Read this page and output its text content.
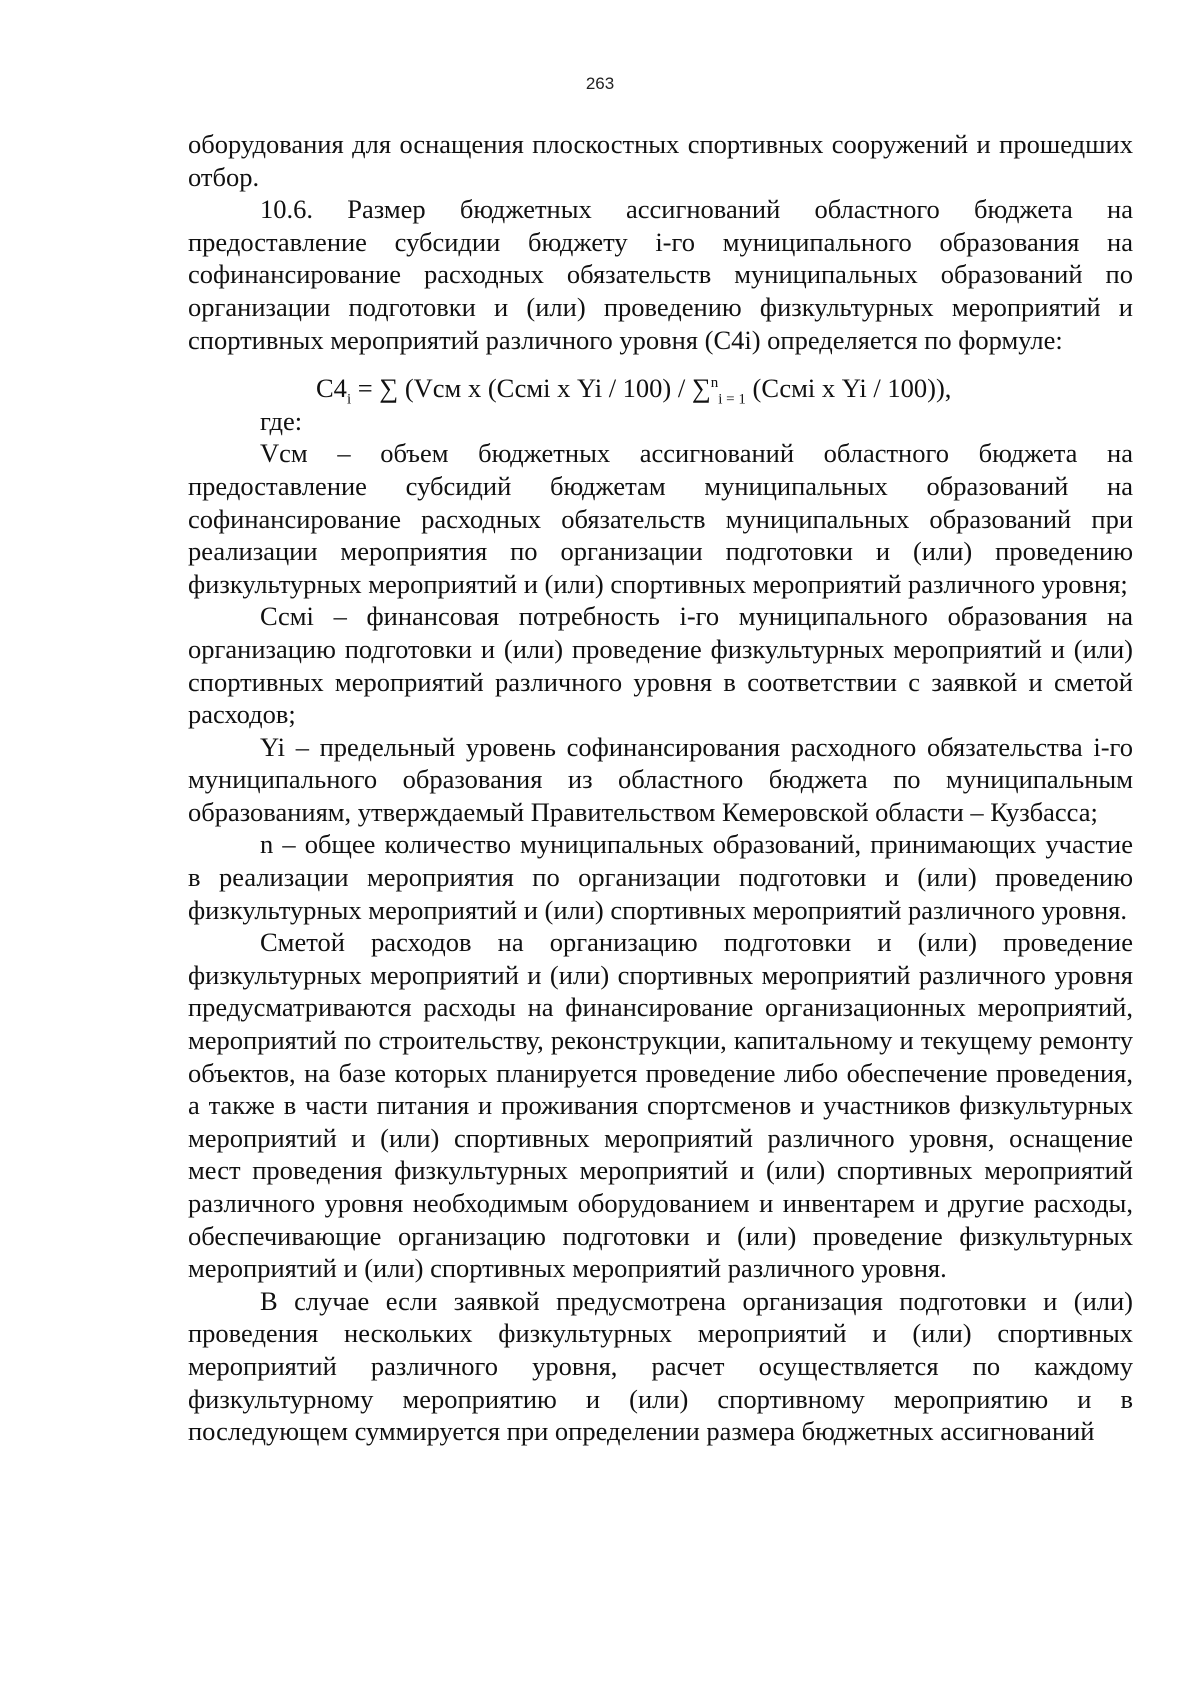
263

оборудования для оснащения плоскостных спортивных сооружений и прошедших отбор.

10.6. Размер бюджетных ассигнований областного бюджета на предоставление субсидии бюджету i-го муниципального образования на софинансирование расходных обязательств муниципальных образований по организации подготовки и (или) проведению физкультурных мероприятий и спортивных мероприятий различного уровня (С4i) определяется по формуле:

$С4_i$ = ∑ (Vсм х (Ссмi х Yi / 100) / ∑$^n_{i = 1}$ (Ссмi х Yi / 100)),

где:

Vсм – объем бюджетных ассигнований областного бюджета на предоставление субсидий бюджетам муниципальных образований на софинансирование расходных обязательств муниципальных образований при реализации мероприятия по организации подготовки и (или) проведению физкультурных мероприятий и (или) спортивных мероприятий различного уровня;

Ссмi – финансовая потребность i-го муниципального образования на организацию подготовки и (или) проведение физкультурных мероприятий и (или) спортивных мероприятий различного уровня в соответствии с заявкой и сметой расходов;

Yi – предельный уровень софинансирования расходного обязательства i-го муниципального образования из областного бюджета по муниципальным образованиям, утверждаемый Правительством Кемеровской области – Кузбасса;

n – общее количество муниципальных образований, принимающих участие в реализации мероприятия по организации подготовки и (или) проведению физкультурных мероприятий и (или) спортивных мероприятий различного уровня.

Сметой расходов на организацию подготовки и (или) проведение физкультурных мероприятий и (или) спортивных мероприятий различного уровня предусматриваются расходы на финансирование организационных мероприятий, мероприятий по строительству, реконструкции, капитальному и текущему ремонту объектов, на базе которых планируется проведение либо обеспечение проведения, а также в части питания и проживания спортсменов и участников физкультурных мероприятий и (или) спортивных мероприятий различного уровня, оснащение мест проведения физкультурных мероприятий и (или) спортивных мероприятий различного уровня необходимым оборудованием и инвентарем и другие расходы, обеспечивающие организацию подготовки и (или) проведение физкультурных мероприятий и (или) спортивных мероприятий различного уровня.

В случае если заявкой предусмотрена организация подготовки и (или) проведения нескольких физкультурных мероприятий и (или) спортивных мероприятий различного уровня, расчет осуществляется по каждому физкультурному мероприятию и (или) спортивному мероприятию и в последующем суммируется при определении размера бюджетных ассигнований
